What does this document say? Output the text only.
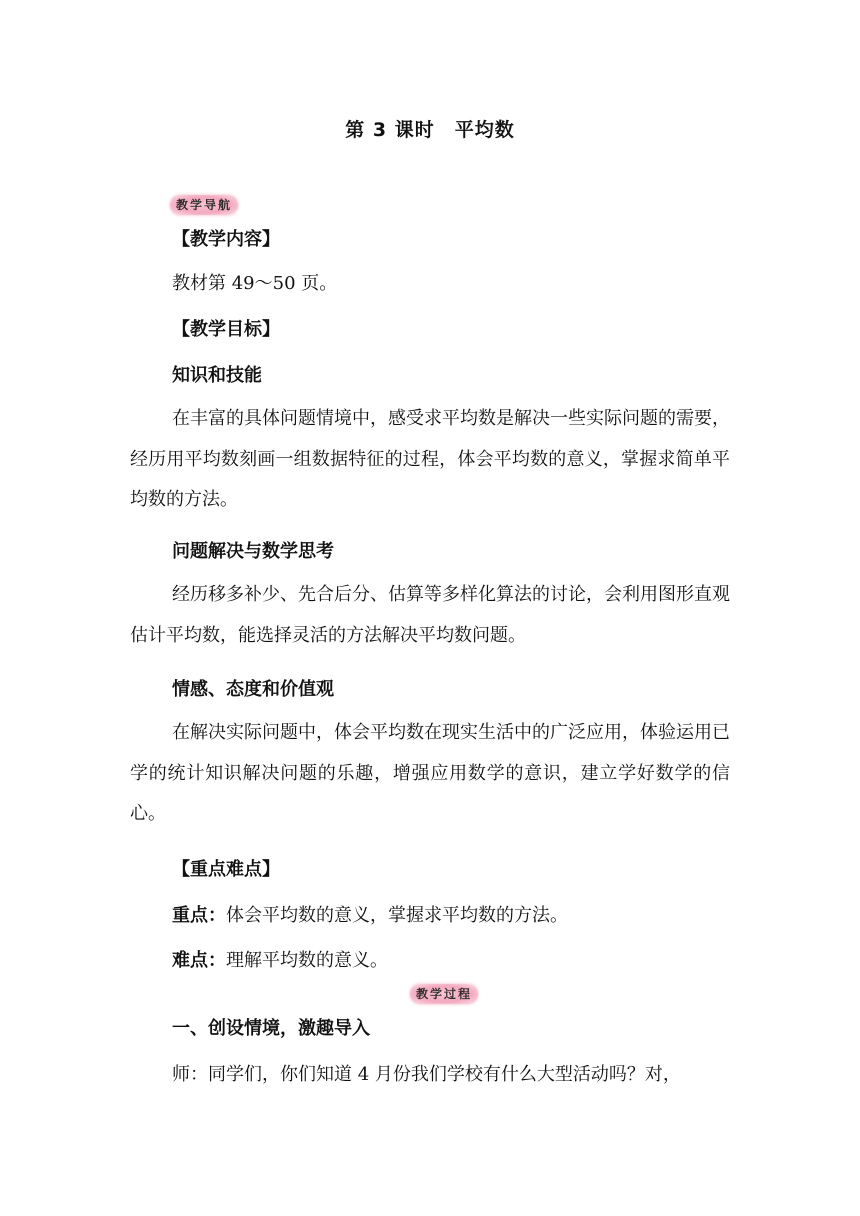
第 3 课时　平均数
教学导航
【教学内容】
教材第 49～50 页。
【教学目标】
知识和技能
在丰富的具体问题情境中，感受求平均数是解决一些实际问题的需要，经历用平均数刻画一组数据特征的过程，体会平均数的意义，掌握求简单平均数的方法。
问题解决与数学思考
经历移多补少、先合后分、估算等多样化算法的讨论，会利用图形直观估计平均数，能选择灵活的方法解决平均数问题。
情感、态度和价值观
在解决实际问题中，体会平均数在现实生活中的广泛应用，体验运用已学的统计知识解决问题的乐趣，增强应用数学的意识，建立学好数学的信心。
【重点难点】
重点：体会平均数的意义，掌握求平均数的方法。
难点：理解平均数的意义。
教学过程
一、创设情境，激趣导入
师：同学们，你们知道 4 月份我们学校有什么大型活动吗？对，
